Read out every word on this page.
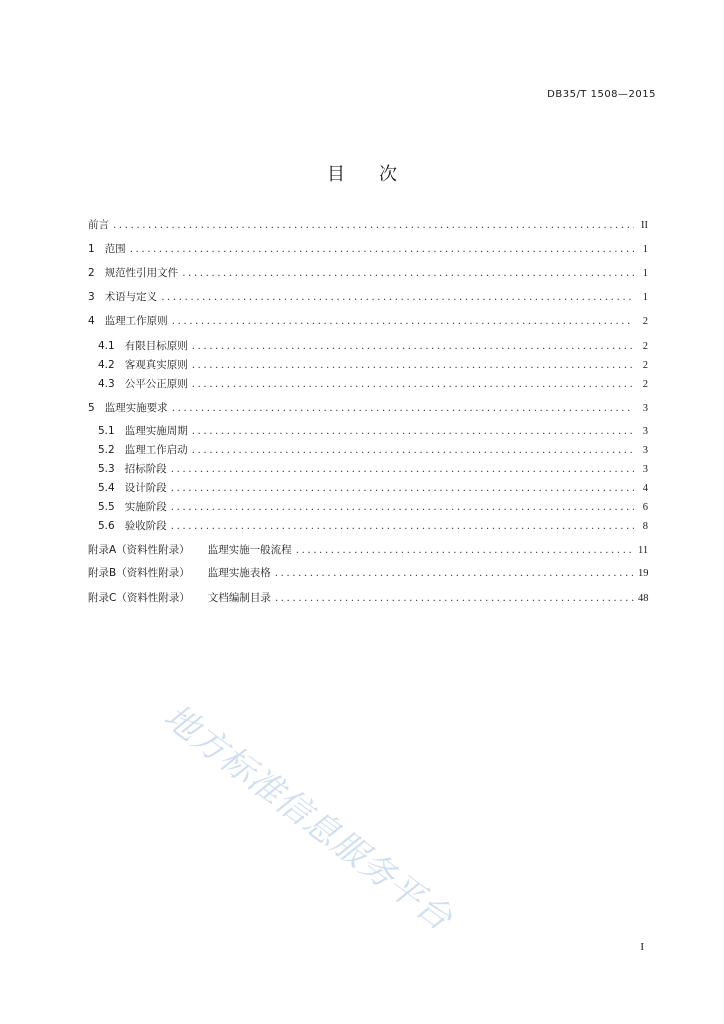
DB35/T 1508—2015
目次
前言 .....	II
1 范围 .....	1
2 规范性引用文件 .....	1
3 术语与定义 .....	1
4 监理工作原则 .....	2
4.1 有限目标原则 .....	2
4.2 客观真实原则 .....	2
4.3 公平公正原则 .....	2
5 监理实施要求 .....	3
5.1 监理实施周期 .....	3
5.2 监理工作启动 .....	3
5.3 招标阶段 .....	3
5.4 设计阶段 .....	4
5.5 实施阶段 .....	6
5.6 验收阶段 .....	8
附录A（资料性附录） 监理实施一般流程 .....	11
附录B（资料性附录） 监理实施表格 .....	19
附录C（资料性附录） 文档编制目录 .....	48
地方标准信息服务平台
I
